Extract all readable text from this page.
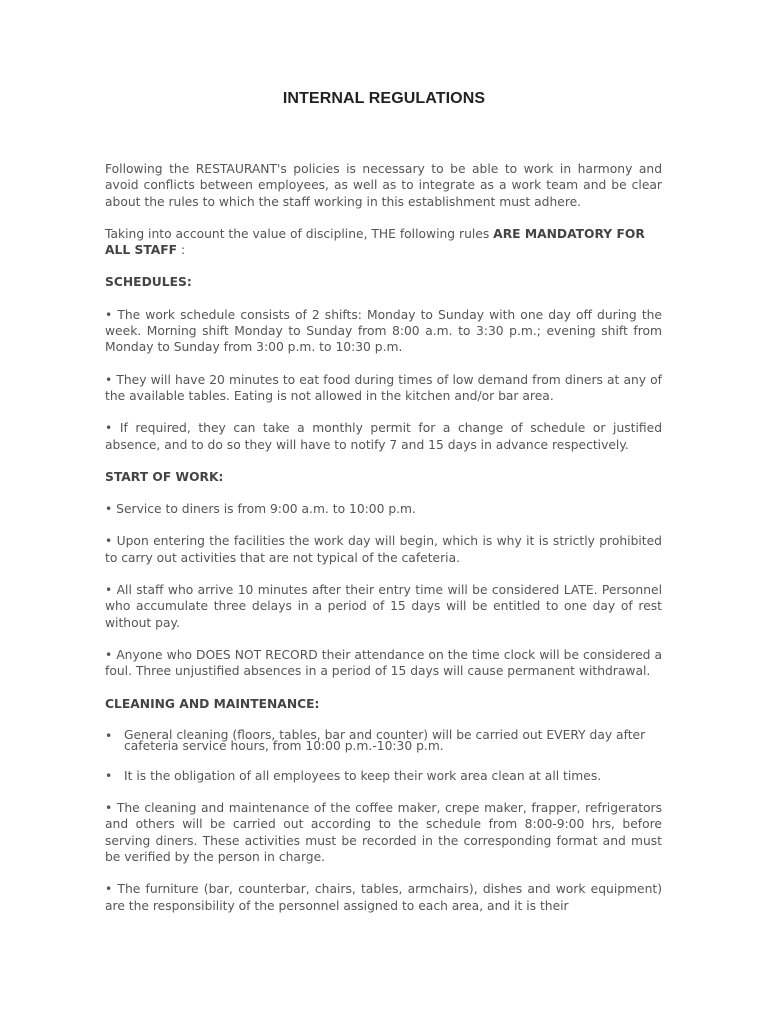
INTERNAL REGULATIONS

Following the RESTAURANT's policies is necessary to be able to work in harmony and avoid conflicts between employees, as well as to integrate as a work team and be clear about the rules to which the staff working in this establishment must adhere.

Taking into account the value of discipline, THE following rules ARE MANDATORY FOR ALL STAFF :

SCHEDULES:

• The work schedule consists of 2 shifts: Monday to Sunday with one day off during the week. Morning shift Monday to Sunday from 8:00 a.m. to 3:30 p.m.; evening shift from Monday to Sunday from 3:00 p.m. to 10:30 p.m.

• They will have 20 minutes to eat food during times of low demand from diners at any of the available tables. Eating is not allowed in the kitchen and/or bar area.

• If required, they can take a monthly permit for a change of schedule or justified absence, and to do so they will have to notify 7 and 15 days in advance respectively.

START OF WORK:

• Service to diners is from 9:00 a.m. to 10:00 p.m.

• Upon entering the facilities the work day will begin, which is why it is strictly prohibited to carry out activities that are not typical of the cafeteria.

• All staff who arrive 10 minutes after their entry time will be considered LATE. Personnel who accumulate three delays in a period of 15 days will be entitled to one day of rest without pay.

• Anyone who DOES NOT RECORD their attendance on the time clock will be considered a foul. Three unjustified absences in a period of 15 days will cause permanent withdrawal.

CLEANING AND MAINTENANCE:

• General cleaning (floors, tables, bar and counter) will be carried out EVERY day after cafeteria service hours, from 10:00 p.m.-10:30 p.m.
• It is the obligation of all employees to keep their work area clean at all times.

• The cleaning and maintenance of the coffee maker, crepe maker, frapper, refrigerators and others will be carried out according to the schedule from 8:00-9:00 hrs, before serving diners. These activities must be recorded in the corresponding format and must be verified by the person in charge.

• The furniture (bar, counterbar, chairs, tables, armchairs), dishes and work equipment) are the responsibility of the personnel assigned to each area, and it is their
